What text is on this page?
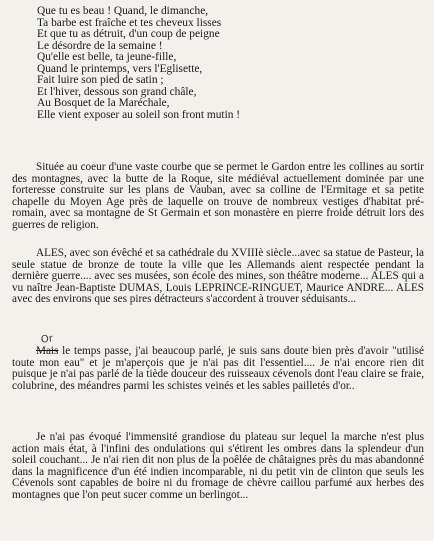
Que tu es beau ! Quand, le dimanche,
Ta barbe est fraîche et tes cheveux lisses
Et que tu as détruit, d'un coup de peigne
Le désordre de la semaine !
Qu'elle est belle, ta jeune-fille,
Quand le printemps, vers l'Eglisette,
Fait luire son pied de satin ;
Et l'hiver, dessous son grand châle,
Au Bosquet de la Maréchale,
Elle vient exposer au soleil son front mutin !

Située au coeur d'une vaste courbe que se permet le Gardon entre les collines au sortir des montagnes, avec la butte de la Roque, site médiéval actuellement dominée par une forteresse construite sur les plans de Vauban, avec sa colline de l'Ermitage et sa petite chapelle du Moyen Age près de laquelle on trouve de nombreux vestiges d'habitat pré-romain, avec sa montagne de St Germain et son monastère en pierre froide détruit lors des guerres de religion.

ALES, avec son évêché et sa cathédrale du XVIIIè siècle...avec sa statue de Pasteur, la seule statue de bronze de toute la ville que les Allemands aient respectée pendant la dernière guerre.... avec ses musées, son école des mines, son théâtre moderne... ALES qui a vu naître Jean-Baptiste DUMAS, Louis LEPRINCE-RINGUET, Maurice ANDRE... ALES avec des environs que ses pires détracteurs s'accordent à trouver séduisants...

Or

Mais le temps passe, j'ai beaucoup parlé, je suis sans doute bien près d'avoir "utilisé toute mon eau" et je m'aperçois que je n'ai pas dit l'essentiel.... Je n'ai encore rien dit puisque je n'ai pas parlé de la tiède douceur des ruisseaux cévenols dont l'eau claire se fraie, colubrine, des méandres parmi les schistes veinés et les sables pailletés d'or..

Je n'ai pas évoqué l'immensité grandiose du plateau sur lequel la marche n'est plus action mais état, à l'infini des ondulations qui s'étirent les ombres dans la splendeur d'un soleil couchant... Je n'ai rien dit non plus de la poêlée de châtaignes près du mas abandonné dans la magnificence d'un été indien incomparable, ni du petit vin de clinton que seuls les Cévenols sont capables de boire ni du fromage de chèvre caillou parfumé aux herbes des montagnes que l'on peut sucer comme un berlingot...
